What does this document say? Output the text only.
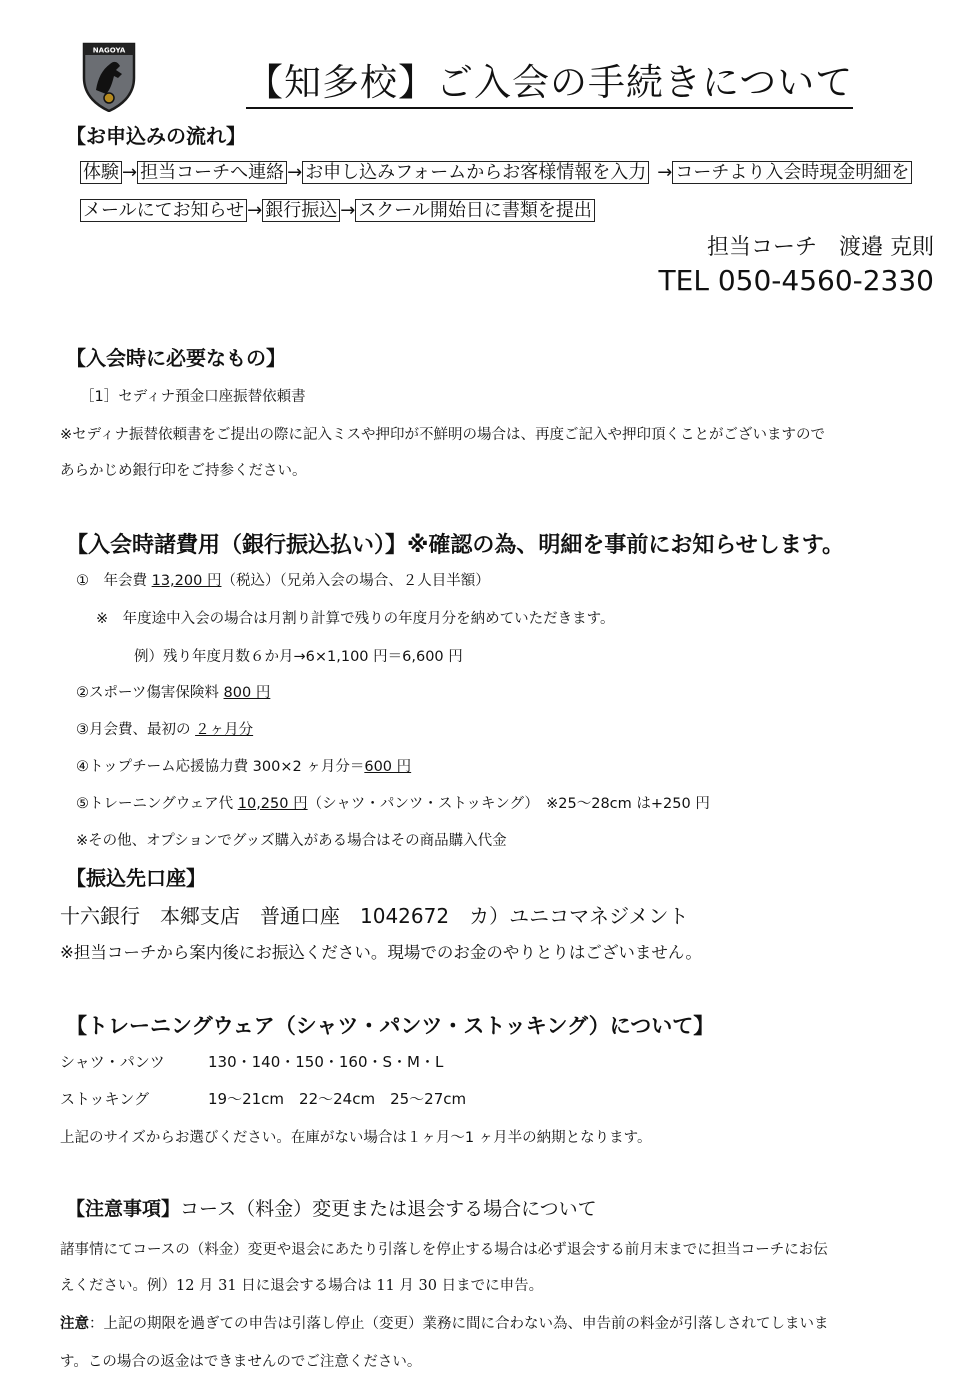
NAGOYA
【知多校】ご入会の手続きについて
【お申込みの流れ】
体験 → 担当コーチへ連絡 → お申し込みフォームからお客様情報を入力 → コーチより入会時現金明細を
メールにてお知らせ → 銀行振込 → スクール開始日に書類を提出
担当コーチ　渡邉 克則
TEL 050-4560-2330
【入会時に必要なもの】
［1］セディナ預金口座振替依頼書
※セディナ振替依頼書をご提出の際に記入ミスや押印が不鮮明の場合は、再度ご記入や押印頂くことがございますので
あらかじめ銀行印をご持参ください。
【入会時諸費用（銀行振込払い）】※確認の為、明細を事前にお知らせします。
①　年会費 13,200 円（税込）（兄弟入会の場合、２人目半額）
※　年度途中入会の場合は月割り計算で残りの年度月分を納めていただきます。
例）残り年度月数６か月→6×1,100 円＝6,600 円
②スポーツ傷害保険料 800 円
③月会費、最初の ２ヶ月分
④トップチーム応援協力費 300×2 ヶ月分＝600 円
⑤トレーニングウェア代 10,250 円（シャツ・パンツ・ストッキング）　※25～28cm は+250 円
※その他、オプションでグッズ購入がある場合はその商品購入代金
【振込先口座】
十六銀行　本郷支店　普通口座　1042672　カ）ユニコマネジメント
※担当コーチから案内後にお振込ください。現場でのお金のやりとりはございません。
【トレーニングウェア（シャツ・パンツ・ストッキング）について】
シャツ・パンツ	130・140・150・160・S・M・L
ストッキング	19～21cm　22～24cm　25～27cm
上記のサイズからお選びください。在庫がない場合は１ヶ月～1 ヶ月半の納期となります。
【注意事項】コース（料金）変更または退会する場合について
諸事情にてコースの（料金）変更や退会にあたり引落しを停止する場合は必ず退会する前月末までに担当コーチにお伝
えください。例）12 月 31 日に退会する場合は 11 月 30 日までに申告。
注意：上記の期限を過ぎての申告は引落し停止（変更）業務に間に合わない為、申告前の料金が引落しされてしまいま
す。この場合の返金はできませんのでご注意ください。
